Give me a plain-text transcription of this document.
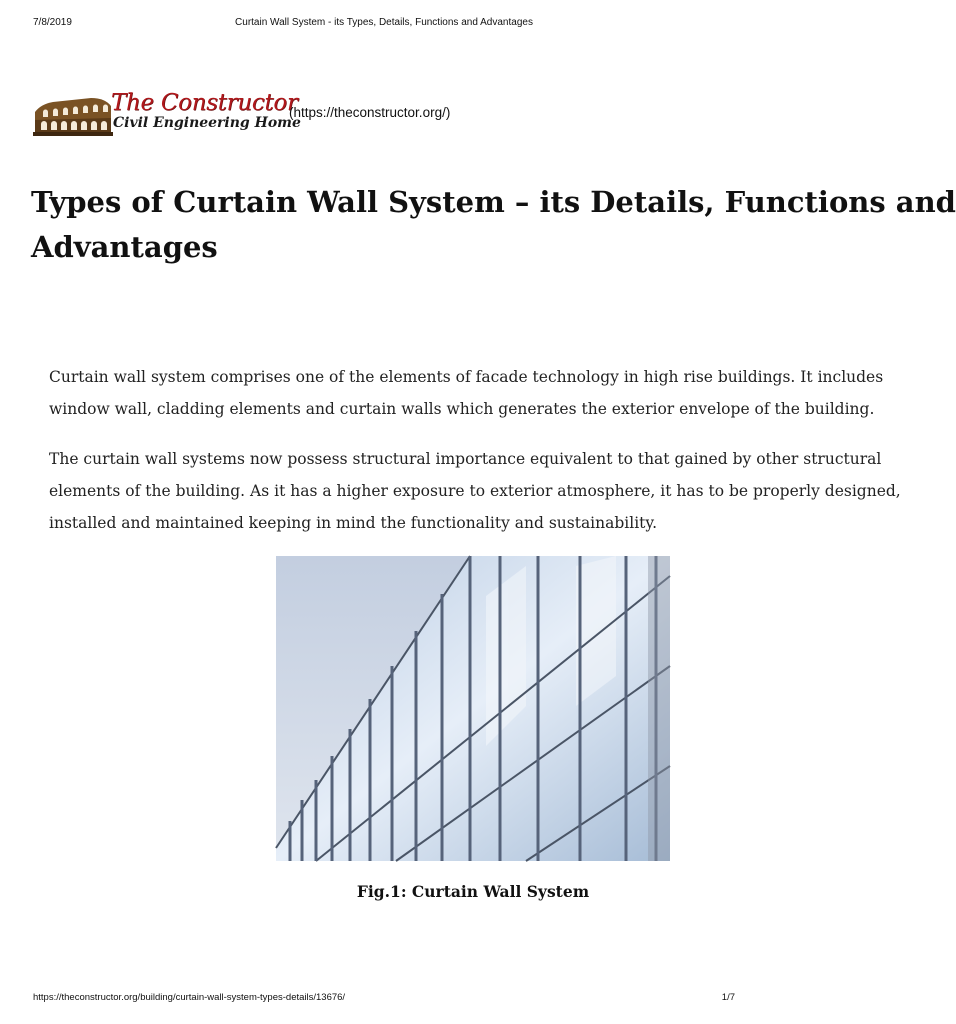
7/8/2019	Curtain Wall System - its Types, Details, Functions and Advantages
The Constructor
Civil Engineering Home
(https://theconstructor.org/)
Types of Curtain Wall System – its Details, Functions and
Advantages

Curtain wall system comprises one of the elements of facade technology in high rise buildings. It includes
window wall, cladding elements and curtain walls which generates the exterior envelope of the building.

The curtain wall systems now possess structural importance equivalent to that gained by other structural
elements of the building. As it has a higher exposure to exterior atmosphere, it has to be properly designed,
installed and maintained keeping in mind the functionality and sustainability.

Fig.1: Curtain Wall System
https://theconstructor.org/building/curtain-wall-system-types-details/13676/	1/7
